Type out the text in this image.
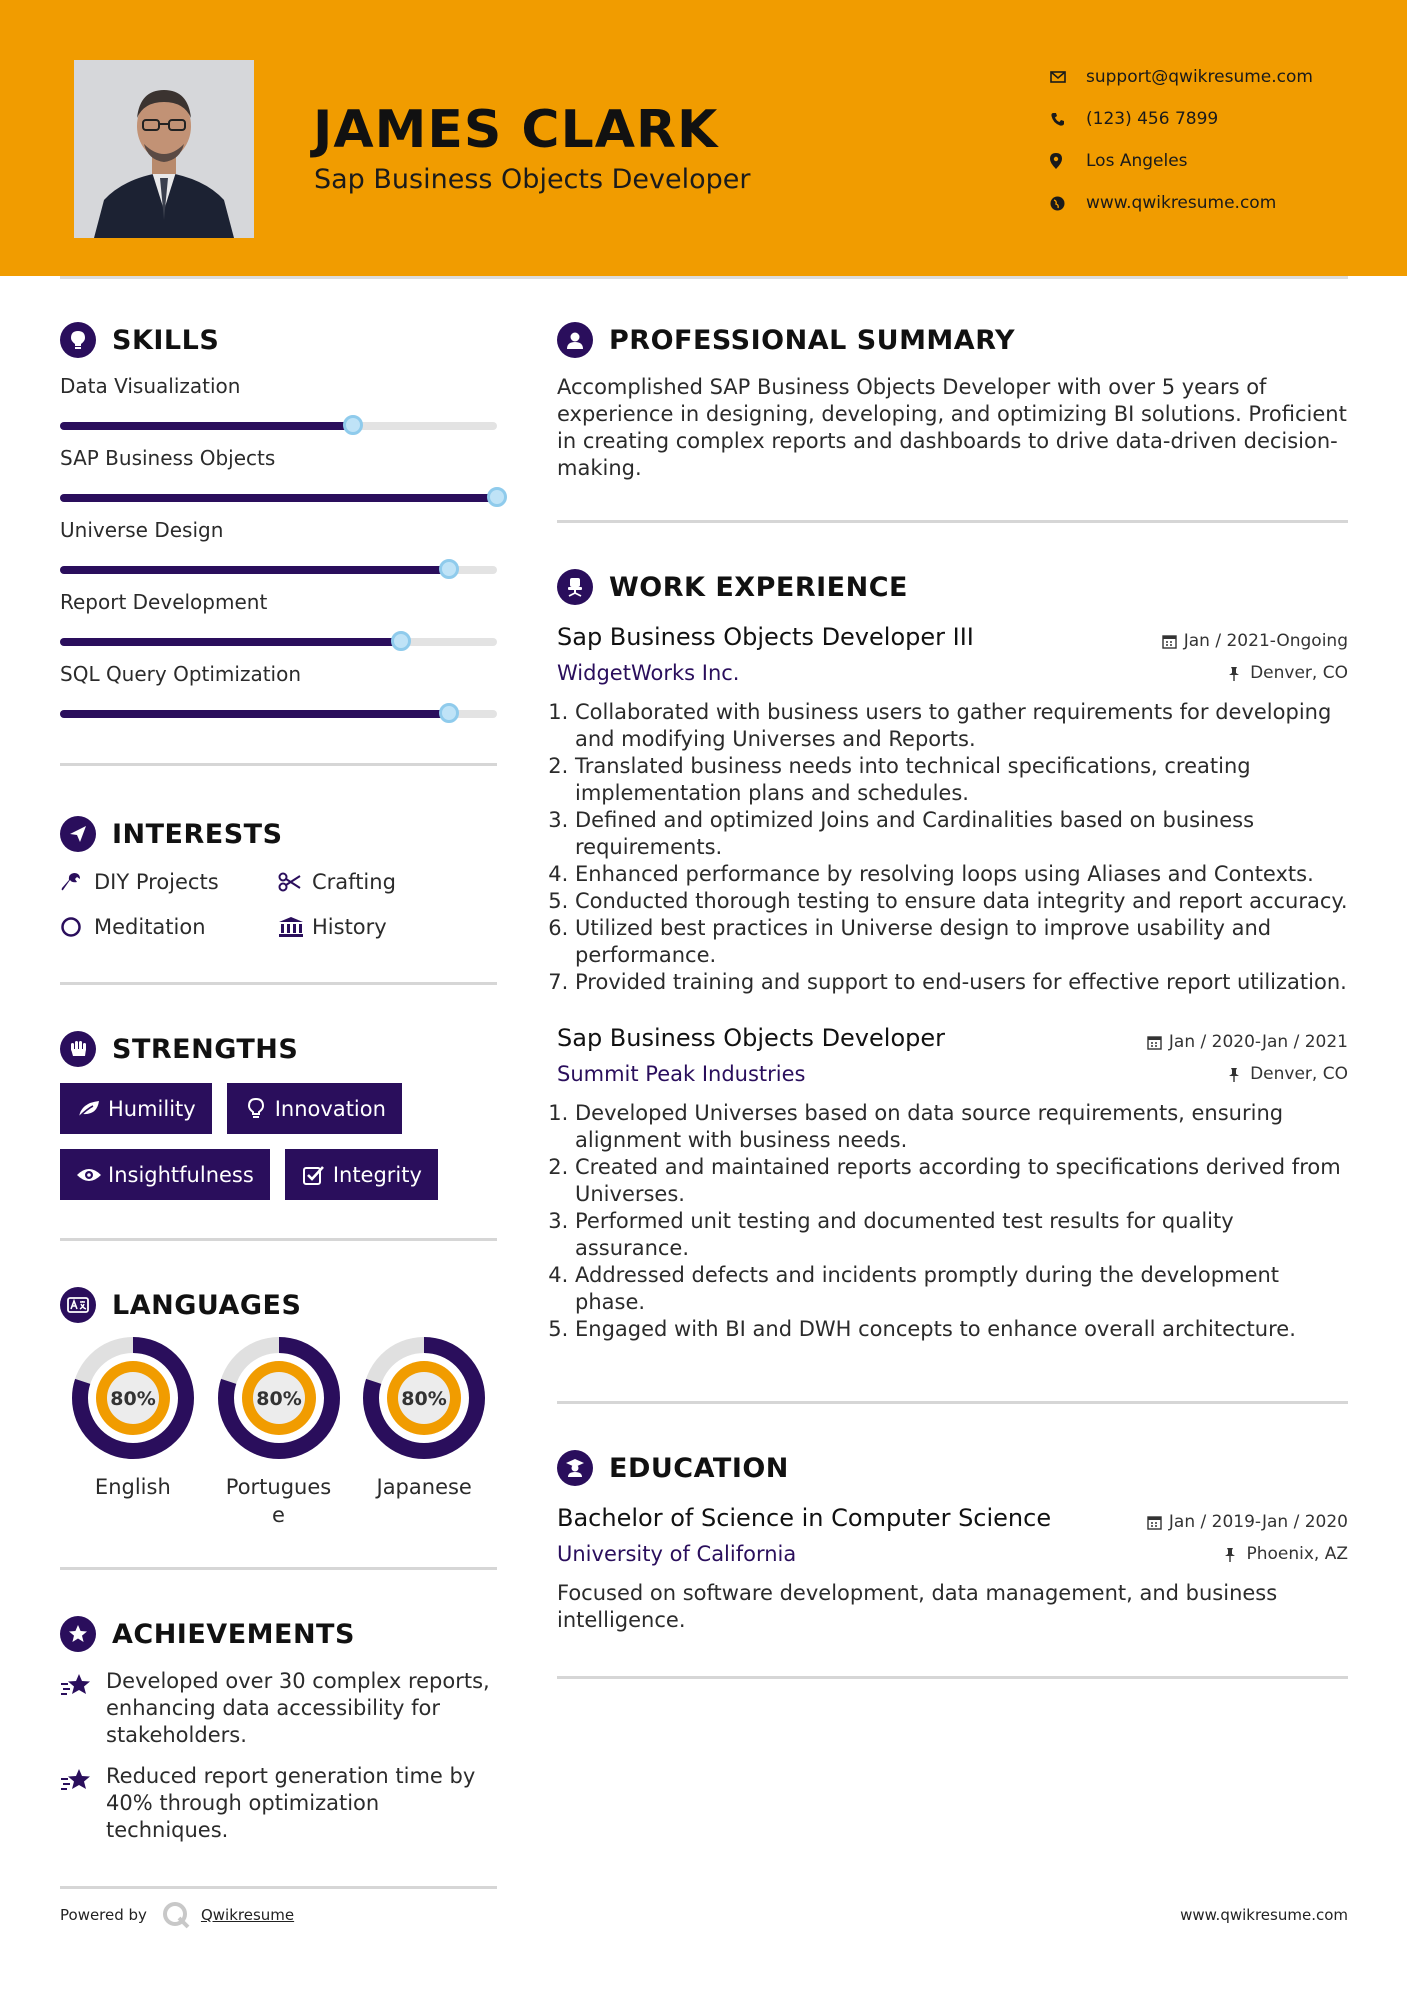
JAMES CLARK
Sap Business Objects Developer
support@qwikresume.com
(123) 456 7899
Los Angeles
www.qwikresume.com
SKILLS
Data Visualization
SAP Business Objects
Universe Design
Report Development
SQL Query Optimization
INTERESTS
DIY Projects	Crafting
Meditation	History
STRENGTHS
Humility	Innovation
Insightfulness	Integrity
LANGUAGES
80%
English
80%
Portuguese
80%
Japanese
ACHIEVEMENTS
Developed over 30 complex reports, enhancing data accessibility for stakeholders.
Reduced report generation time by 40% through optimization techniques.
PROFESSIONAL SUMMARY

Accomplished SAP Business Objects Developer with over 5 years of experience in designing, developing, and optimizing BI solutions. Proficient in creating complex reports and dashboards to drive data-driven decision-making.

WORK EXPERIENCE
Sap Business Objects Developer III	Jan / 2021-Ongoing
WidgetWorks Inc.	Denver, CO
1. Collaborated with business users to gather requirements for developing and modifying Universes and Reports.
2. Translated business needs into technical specifications, creating implementation plans and schedules.
3. Defined and optimized Joins and Cardinalities based on business requirements.
4. Enhanced performance by resolving loops using Aliases and Contexts.
5. Conducted thorough testing to ensure data integrity and report accuracy.
6. Utilized best practices in Universe design to improve usability and performance.
7. Provided training and support to end-users for effective report utilization.
Sap Business Objects Developer	Jan / 2020-Jan / 2021
Summit Peak Industries	Denver, CO
1. Developed Universes based on data source requirements, ensuring alignment with business needs.
2. Created and maintained reports according to specifications derived from Universes.
3. Performed unit testing and documented test results for quality assurance.
4. Addressed defects and incidents promptly during the development phase.
5. Engaged with BI and DWH concepts to enhance overall architecture.
EDUCATION
Bachelor of Science in Computer Science	Jan / 2019-Jan / 2020
University of California	Phoenix, AZ

Focused on software development, data management, and business intelligence.

Powered by	Qwikresume	www.qwikresume.com
